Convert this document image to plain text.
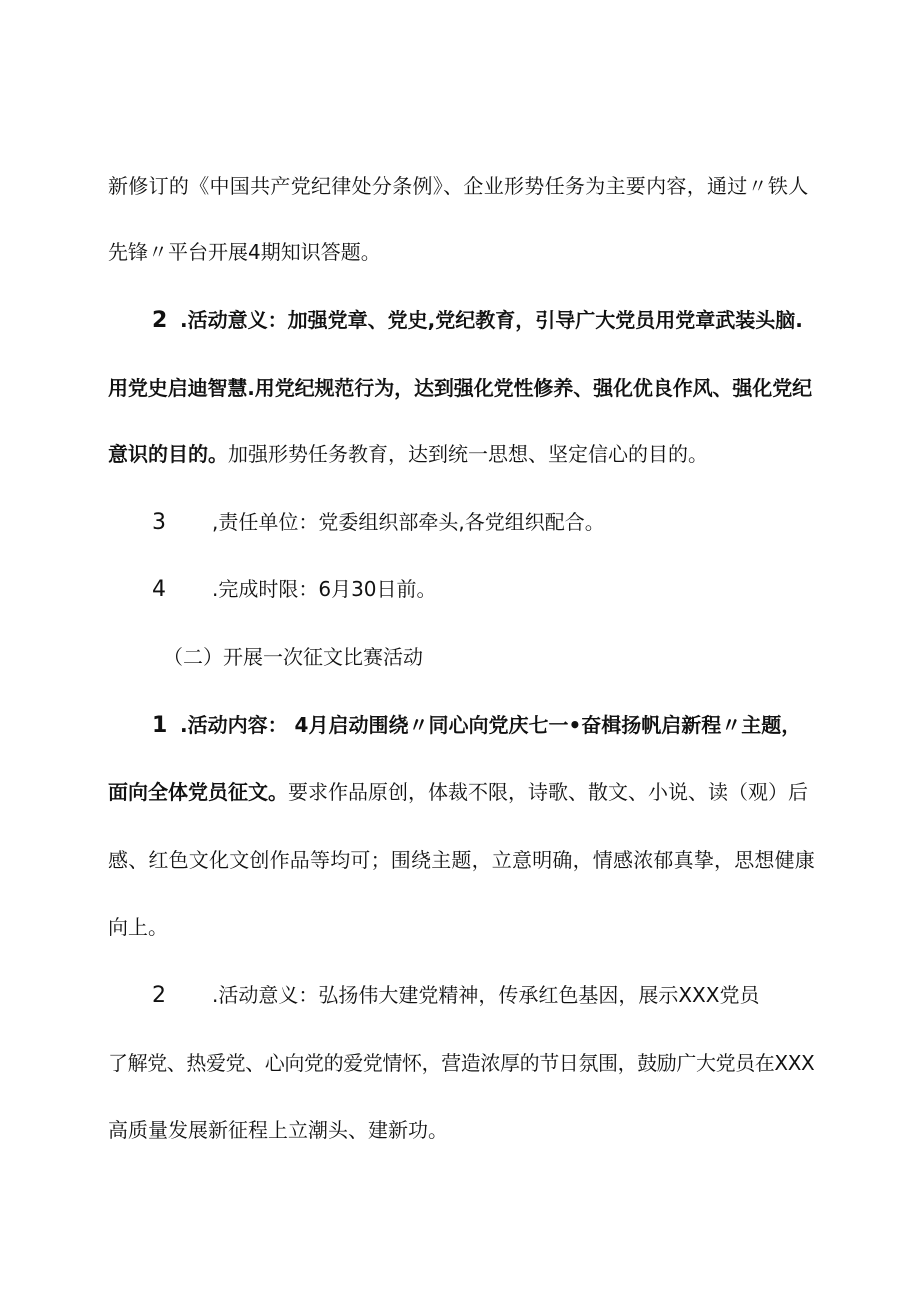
新修订的《中国共产党纪律处分条例》、企业形势任务为主要内容，通过〃铁人
先锋〃平台开展4期知识答题。
2 .活动意义：加强党章、党史,党纪教育，引导广大党员用党章武装头脑.
用党史启迪智慧.用党纪规范行为，达到强化党性修养、强化优良作风、强化党纪
意识的目的。加强形势任务教育，达到统一思想、坚定信心的目的。
3 ,责任单位：党委组织部牵头,各党组织配合。
4 .完成时限：6月30日前。
（二）开展一次征文比赛活动
1 .活动内容： 4月启动围绕〃同心向党庆七一•奋楫扬帆启新程〃主题，
面向全体党员征文。要求作品原创，体裁不限，诗歌、散文、小说、读（观）后
感、红色文化文创作品等均可；围绕主题，立意明确，情感浓郁真挚，思想健康
向上。
2 .活动意义：弘扬伟大建党精神，传承红色基因，展示XXX党员
了解党、热爱党、心向党的爱党情怀，营造浓厚的节日氛围，鼓励广大党员在XXX
高质量发展新征程上立潮头、建新功。
